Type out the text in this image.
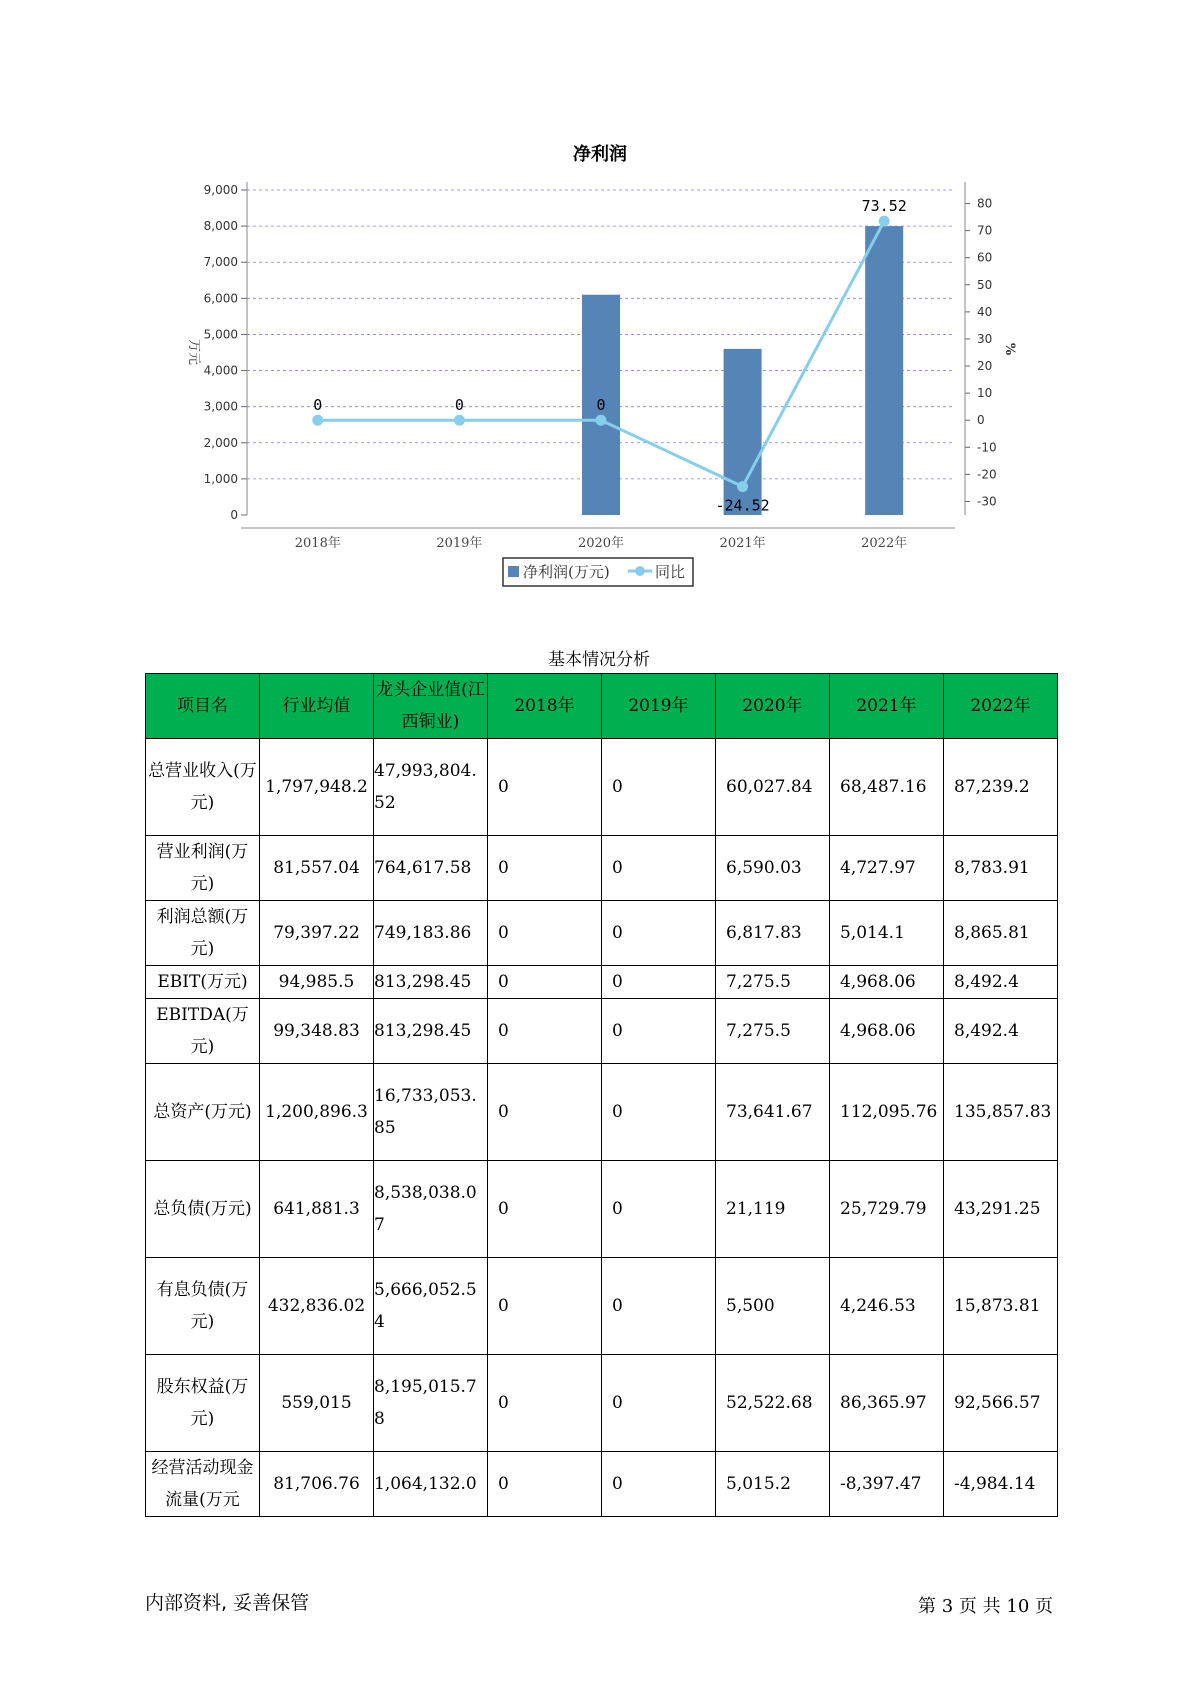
净利润
0	0	0
-24.52
73.52
0
1,000
2,000
3,000
4,000
5,000
6,000
7,000
8,000
9,000
-30
-20
-10
0
10
20
30
40
50
60
70
80
2018年	2019年	2020年	2021年	2022年
万元	%
净利润(万元)	同比
基本情况分析
项目名	行业均值	龙头企业值(江西铜业)	2018年	2019年	2020年	2021年	2022年
总营业收入(万元)	1,797,948.2	47,993,804.52	0	0	60,027.84	68,487.16	87,239.2
营业利润(万元)	81,557.04	764,617.58	0	0	6,590.03	4,727.97	8,783.91
利润总额(万元)	79,397.22	749,183.86	0	0	6,817.83	5,014.1	8,865.81
EBIT(万元)	94,985.5	813,298.45	0	0	7,275.5	4,968.06	8,492.4
EBITDA(万元)	99,348.83	813,298.45	0	0	7,275.5	4,968.06	8,492.4
总资产(万元)	1,200,896.3	16,733,053.85	0	0	73,641.67	112,095.76	135,857.83
总负债(万元)	641,881.3	8,538,038.07	0	0	21,119	25,729.79	43,291.25
有息负债(万元)	432,836.02	5,666,052.54	0	0	5,500	4,246.53	15,873.81
股东权益(万元)	559,015	8,195,015.78	0	0	52,522.68	86,365.97	92,566.57
经营活动现金流量(万元	81,706.76	1,064,132.0	0	0	5,015.2	-8,397.47	-4,984.14
内部资料, 妥善保管	第 3 页 共 10 页
